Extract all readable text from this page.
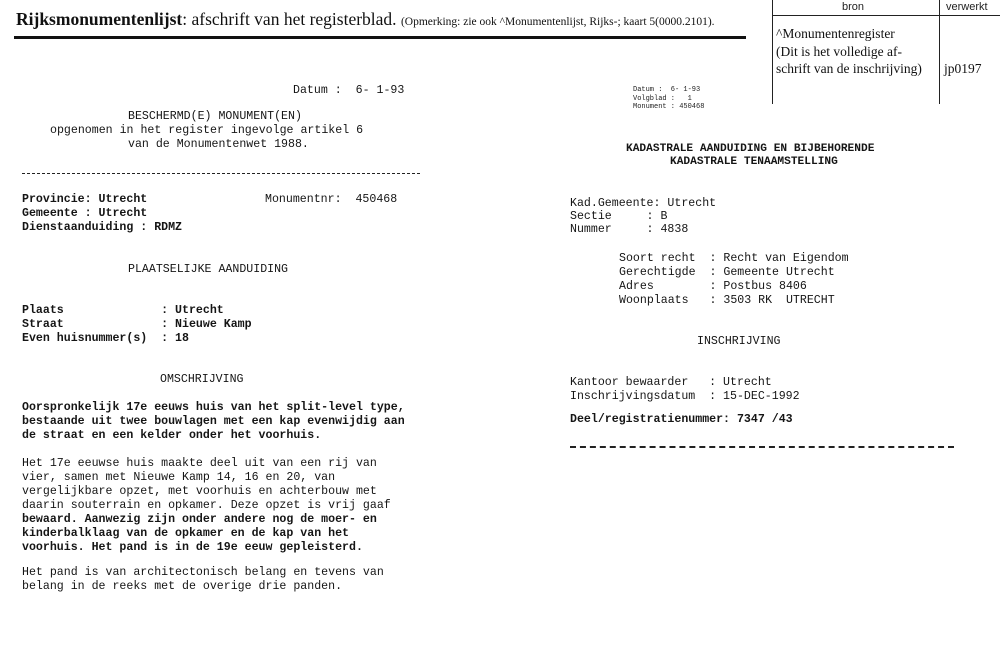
Rijksmonumentenlijst: afschrift van het registerblad. (Opmerking: zie ook ^Monumentenlijst, Rijks-; kaart 5(0000.2101).
bron	verwerkt
^Monumentenregister
(Dit is het volledige af-
schrift van de inschrijving) jp0197
Datum :  6- 1-93
BESCHERMD(E) MONUMENT(EN)
opgenomen in het register ingevolge artikel 6
van de Monumentenwet 1988.
Provincie: Utrecht	Monumentnr:  450468
Gemeente : Utrecht
Dienstaanduiding : RDMZ
PLAATSELIJKE AANDUIDING
Plaats              : Utrecht
Straat              : Nieuwe Kamp
Even huisnummer(s)  : 18
OMSCHRIJVING
Oorspronkelijk 17e eeuws huis van het split-level type,
bestaande uit twee bouwlagen met een kap evenwijdig aan
de straat en een kelder onder het voorhuis.
Het 17e eeuwse huis maakte deel uit van een rij van
vier, samen met Nieuwe Kamp 14, 16 en 20, van
vergelijkbare opzet, met voorhuis en achterbouw met
daarin souterrain en opkamer. Deze opzet is vrij gaaf
bewaard. Aanwezig zijn onder andere nog de moer- en
kinderbalklaag van de opkamer en de kap van het
voorhuis. Het pand is in de 19e eeuw gepleisterd.
Het pand is van architectonisch belang en tevens van
belang in de reeks met de overige drie panden.
Datum :  6- 1-93
Volgblad :   1
Monument : 450468
KADASTRALE AANDUIDING EN BIJBEHORENDE
KADASTRALE TENAAMSTELLING
Kad.Gemeente: Utrecht
Sectie     : B
Nummer     : 4838
Soort recht  : Recht van Eigendom
Gerechtigde  : Gemeente Utrecht
Adres        : Postbus 8406
Woonplaats   : 3503 RK  UTRECHT
INSCHRIJVING
Kantoor bewaarder   : Utrecht
Inschrijvingsdatum  : 15-DEC-1992
Deel/registratienummer: 7347 /43
